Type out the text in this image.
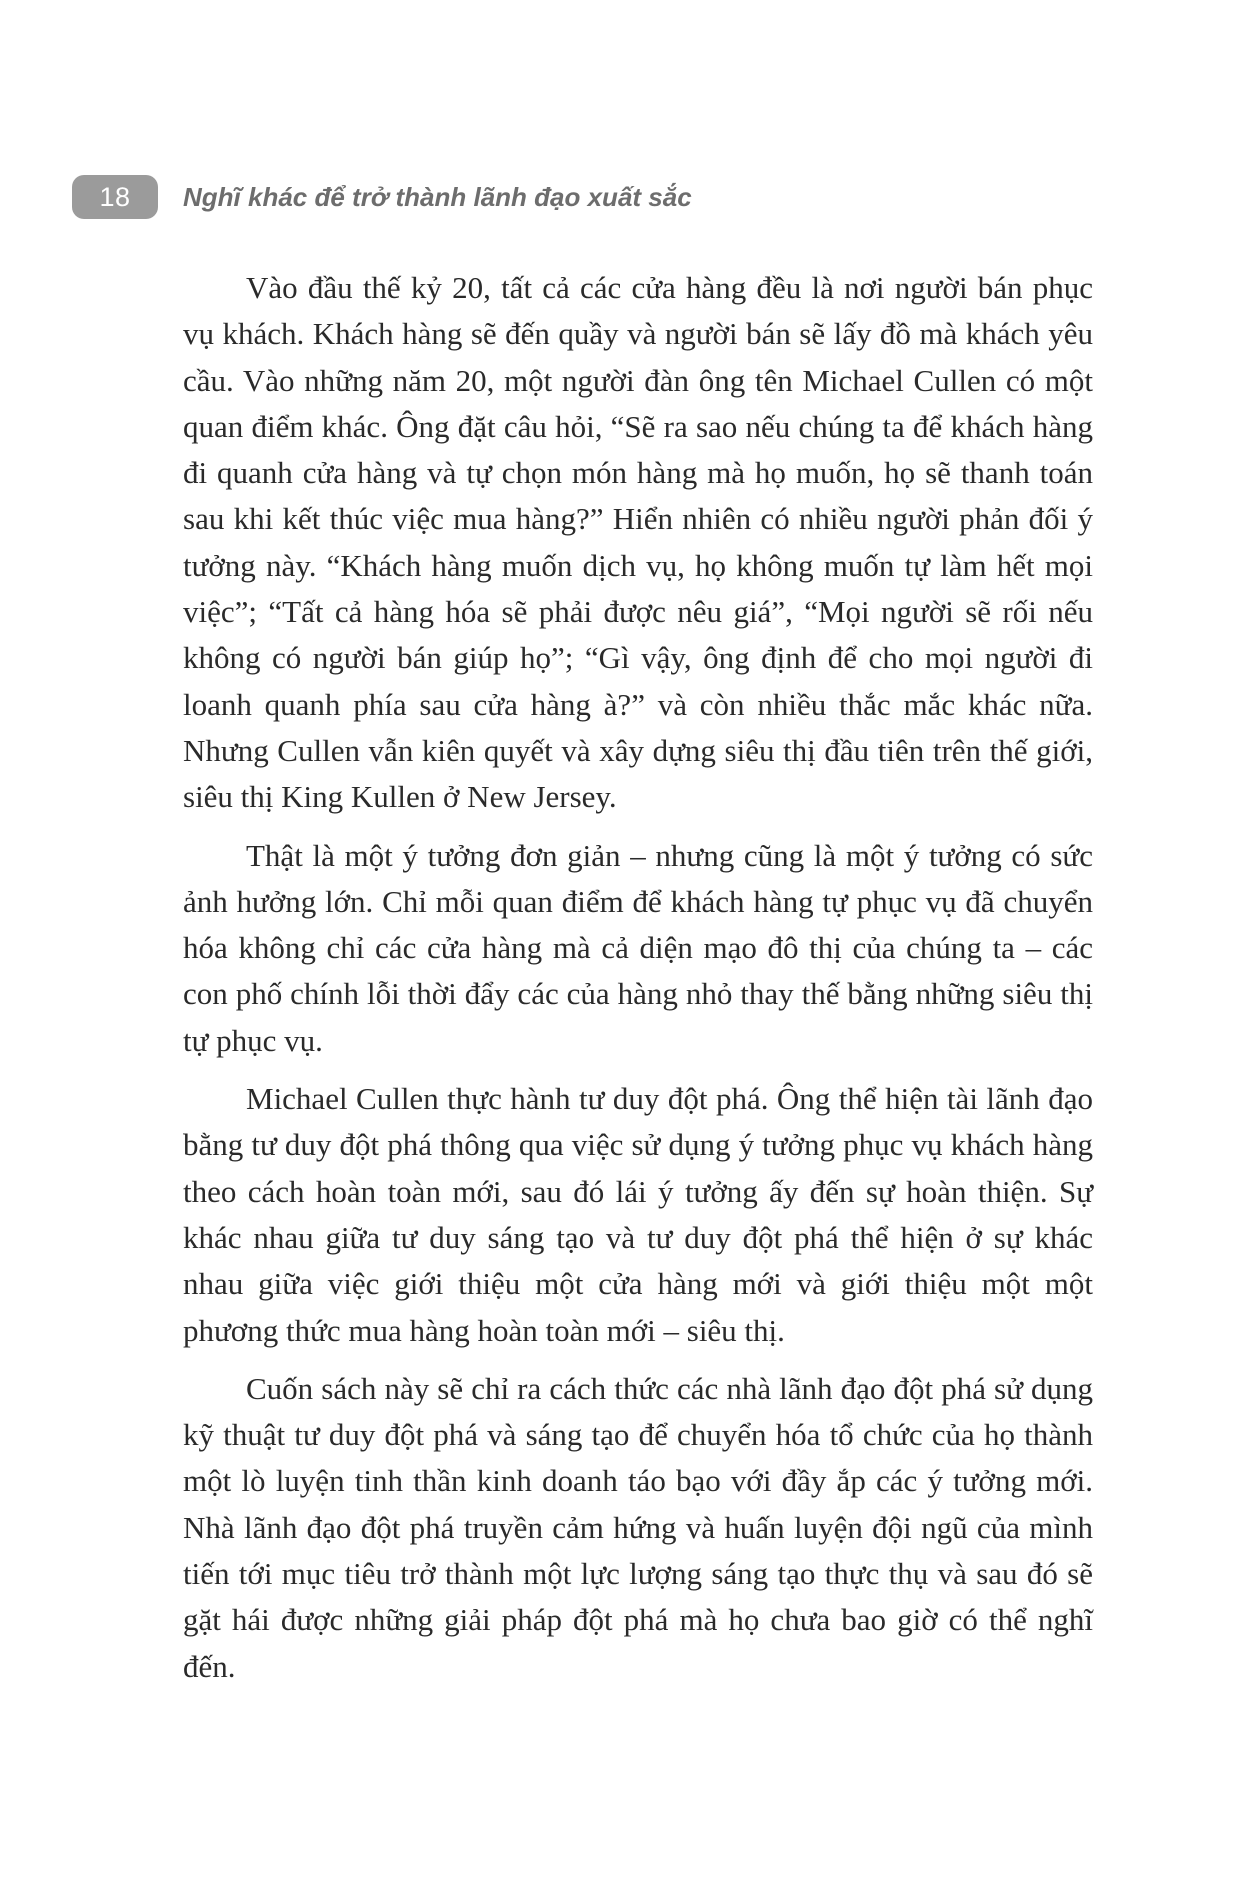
18	Nghĩ khác để trở thành lãnh đạo xuất sắc

Vào đầu thế kỷ 20, tất cả các cửa hàng đều là nơi người bán phục vụ khách. Khách hàng sẽ đến quầy và người bán sẽ lấy đồ mà khách yêu cầu. Vào những năm 20, một người đàn ông tên Michael Cullen có một quan điểm khác. Ông đặt câu hỏi, “Sẽ ra sao nếu chúng ta để khách hàng đi quanh cửa hàng và tự chọn món hàng mà họ muốn, họ sẽ thanh toán sau khi kết thúc việc mua hàng?” Hiển nhiên có nhiều người phản đối ý tưởng này. “Khách hàng muốn dịch vụ, họ không muốn tự làm hết mọi việc”; “Tất cả hàng hóa sẽ phải được nêu giá”, “Mọi người sẽ rối nếu không có người bán giúp họ”; “Gì vậy, ông định để cho mọi người đi loanh quanh phía sau cửa hàng à?” và còn nhiều thắc mắc khác nữa. Nhưng Cullen vẫn kiên quyết và xây dựng siêu thị đầu tiên trên thế giới, siêu thị King Kullen ở New Jersey.

Thật là một ý tưởng đơn giản – nhưng cũng là một ý tưởng có sức ảnh hưởng lớn. Chỉ mỗi quan điểm để khách hàng tự phục vụ đã chuyển hóa không chỉ các cửa hàng mà cả diện mạo đô thị của chúng ta – các con phố chính lỗi thời đẩy các của hàng nhỏ thay thế bằng những siêu thị tự phục vụ.

Michael Cullen thực hành tư duy đột phá. Ông thể hiện tài lãnh đạo bằng tư duy đột phá thông qua việc sử dụng ý tưởng phục vụ khách hàng theo cách hoàn toàn mới, sau đó lái ý tưởng ấy đến sự hoàn thiện. Sự khác nhau giữa tư duy sáng tạo và tư duy đột phá thể hiện ở sự khác nhau giữa việc giới thiệu một cửa hàng mới và giới thiệu một một phương thức mua hàng hoàn toàn mới – siêu thị.

Cuốn sách này sẽ chỉ ra cách thức các nhà lãnh đạo đột phá sử dụng kỹ thuật tư duy đột phá và sáng tạo để chuyển hóa tổ chức của họ thành một lò luyện tinh thần kinh doanh táo bạo với đầy ắp các ý tưởng mới. Nhà lãnh đạo đột phá truyền cảm hứng và huấn luyện đội ngũ của mình tiến tới mục tiêu trở thành một lực lượng sáng tạo thực thụ và sau đó sẽ gặt hái được những giải pháp đột phá mà họ chưa bao giờ có thể nghĩ đến.
